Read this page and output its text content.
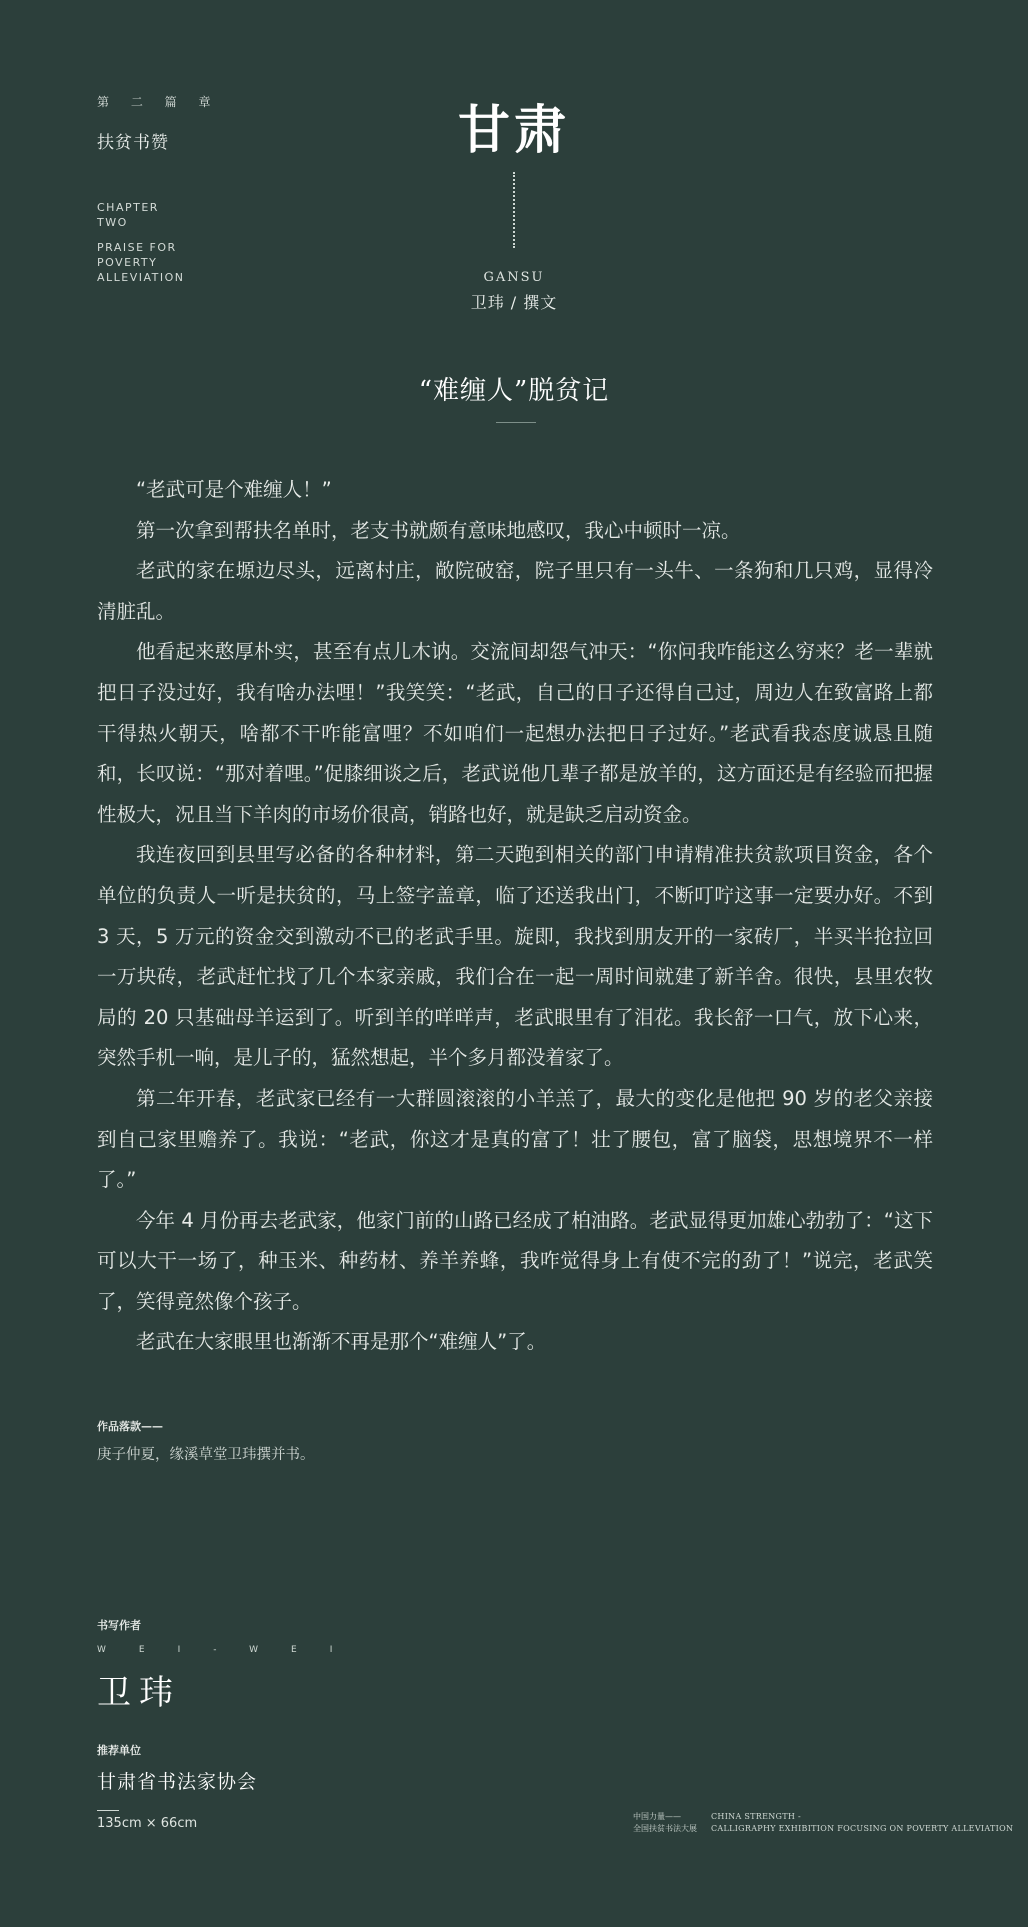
第 二 篇 章
扶贫书赞
CHAPTER
TWO
PRAISE FOR
POVERTY
ALLEVIATION
甘肃
GANSU
卫玮 / 撰文
“难缠人”脱贫记

“老武可是个难缠人！”

第一次拿到帮扶名单时，老支书就颇有意味地感叹，我心中顿时一凉。

老武的家在塬边尽头，远离村庄，敞院破窑，院子里只有一头牛、一条狗和几只鸡，显得冷清脏乱。

他看起来憨厚朴实，甚至有点儿木讷。交流间却怨气冲天：“你问我咋能这么穷来？老一辈就把日子没过好，我有啥办法哩！”我笑笑：“老武，自己的日子还得自己过，周边人在致富路上都干得热火朝天，啥都不干咋能富哩？不如咱们一起想办法把日子过好。”老武看我态度诚恳且随和，长叹说：“那对着哩。”促膝细谈之后，老武说他几辈子都是放羊的，这方面还是有经验而把握性极大，况且当下羊肉的市场价很高，销路也好，就是缺乏启动资金。

我连夜回到县里写必备的各种材料，第二天跑到相关的部门申请精准扶贫款项目资金，各个单位的负责人一听是扶贫的，马上签字盖章，临了还送我出门，不断叮咛这事一定要办好。不到 3 天，5 万元的资金交到激动不已的老武手里。旋即，我找到朋友开的一家砖厂，半买半抢拉回一万块砖，老武赶忙找了几个本家亲戚，我们合在一起一周时间就建了新羊舍。很快，县里农牧局的 20 只基础母羊运到了。听到羊的咩咩声，老武眼里有了泪花。我长舒一口气，放下心来，突然手机一响，是儿子的，猛然想起，半个多月都没着家了。

第二年开春，老武家已经有一大群圆滚滚的小羊羔了，最大的变化是他把 90 岁的老父亲接到自己家里赡养了。我说：“老武，你这才是真的富了！壮了腰包，富了脑袋，思想境界不一样了。”

今年 4 月份再去老武家，他家门前的山路已经成了柏油路。老武显得更加雄心勃勃了：“这下可以大干一场了，种玉米、种药材、养羊养蜂，我咋觉得身上有使不完的劲了！”说完，老武笑了，笑得竟然像个孩子。

老武在大家眼里也渐渐不再是那个“难缠人”了。

作品落款——
庚子仲夏，缘溪草堂卫玮撰并书。
书写作者
WEI-WEI
卫玮
推荐单位
甘肃省书法家协会
135cm × 66cm	中国力量——
全国扶贫书法大展
CHINA STRENGTH -
CALLIGRAPHY EXHIBITION FOCUSING ON POVERTY ALLEVIATION
